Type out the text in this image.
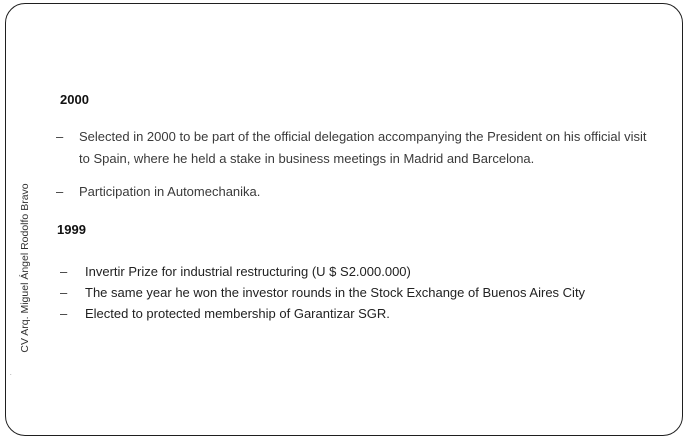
CV Arq. Miguel Ángel Rodolfo Bravo
.
2000
–	Selected in 2000 to be part of the official delegation accompanying the President on his official visit to Spain, where he held a stake in business meetings in Madrid and Barcelona.
–	Participation in Automechanika.
1999
–	Invertir Prize for industrial restructuring (U $ S2.000.000)
–	The same year he won the investor rounds in the Stock Exchange of Buenos Aires City
–	Elected to protected membership of Garantizar SGR.
